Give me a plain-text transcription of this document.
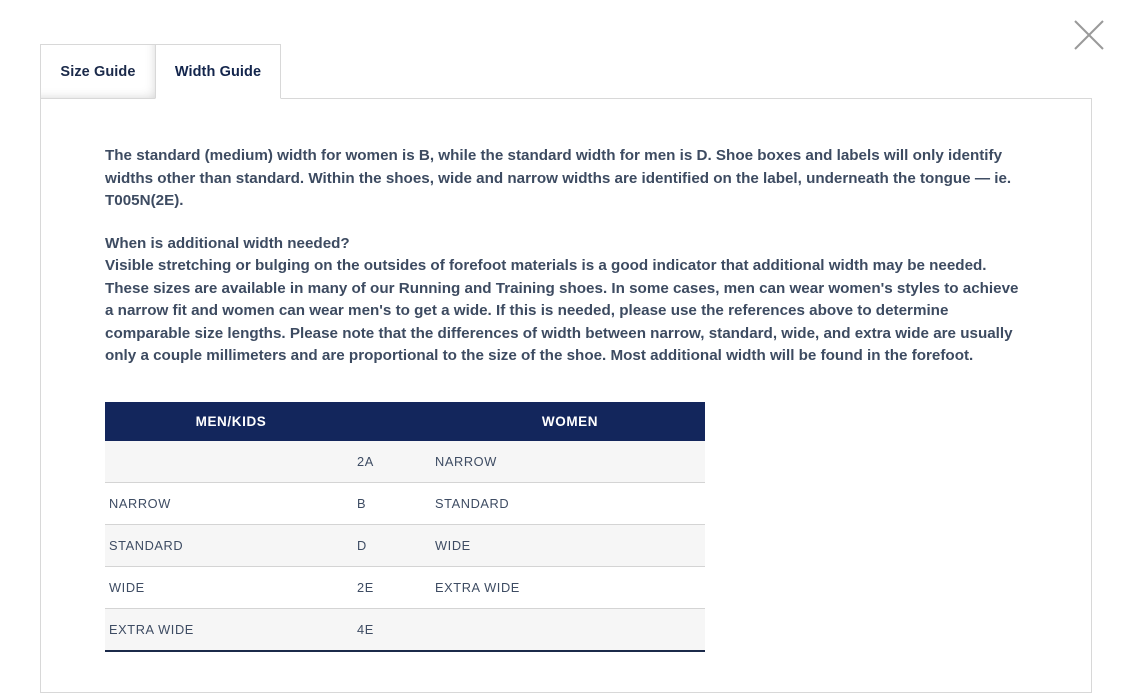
Size Guide	Width Guide

The standard (medium) width for women is B, while the standard width for men is D. Shoe boxes and labels will only identify widths other than standard. Within the shoes, wide and narrow widths are identified on the label, underneath the tongue — ie. T005N(2E).

When is additional width needed?

Visible stretching or bulging on the outsides of forefoot materials is a good indicator that additional width may be needed. These sizes are available in many of our Running and Training shoes. In some cases, men can wear women's styles to achieve a narrow fit and women can wear men's to get a wide. If this is needed, please use the references above to determine comparable size lengths. Please note that the differences of width between narrow, standard, wide, and extra wide are usually only a couple millimeters and are proportional to the size of the shoe. Most additional width will be found in the forefoot.

MEN/KIDS		WOMEN
	2A	NARROW
NARROW	B	STANDARD
STANDARD	D	WIDE
WIDE	2E	EXTRA WIDE
EXTRA WIDE	4E	
